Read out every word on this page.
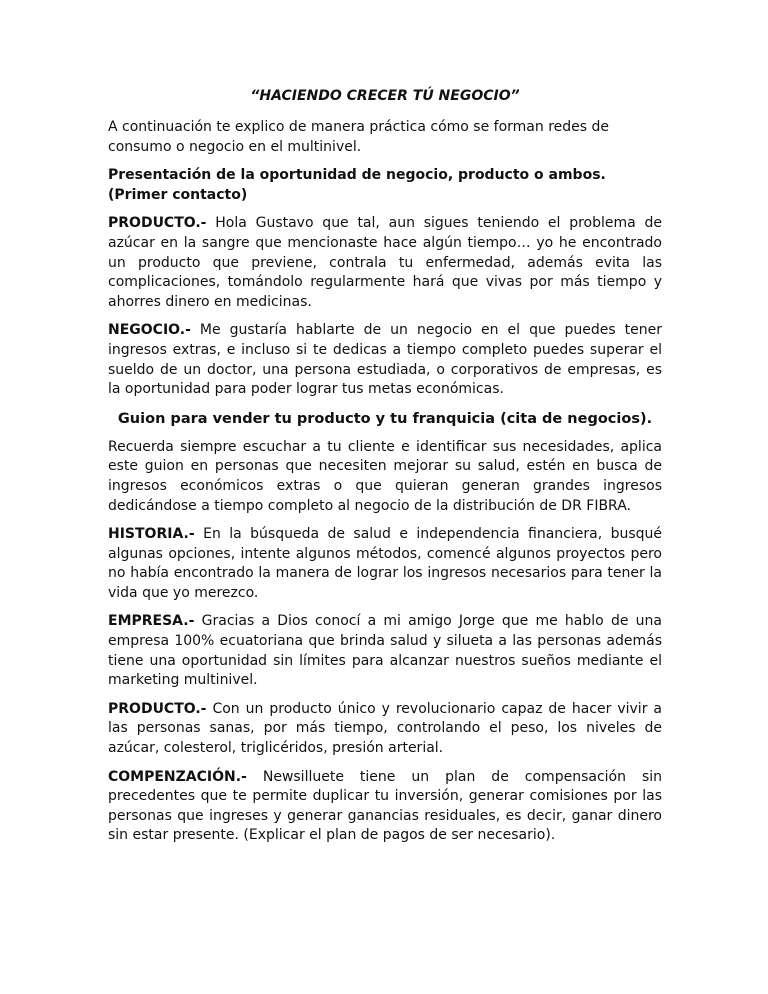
“HACIENDO CRECER TÚ NEGOCIO”

A continuación te explico de manera práctica cómo se forman redes de consumo o negocio en el multinivel.

Presentación de la oportunidad de negocio, producto o ambos. (Primer contacto)

PRODUCTO.- Hola Gustavo que tal, aun sigues teniendo el problema de azúcar en la sangre que mencionaste hace algún tiempo… yo he encontrado un producto que previene, contrala tu enfermedad, además evita las complicaciones, tomándolo regularmente hará que vivas por más tiempo y ahorres dinero en medicinas.

NEGOCIO.- Me gustaría hablarte de un negocio en el que puedes tener ingresos extras, e incluso si te dedicas a tiempo completo puedes superar el sueldo de un doctor, una persona estudiada, o corporativos de empresas, es la oportunidad para poder lograr tus metas económicas.

Guion para vender tu producto y tu franquicia (cita de negocios).

Recuerda siempre escuchar a tu cliente e identificar sus necesidades, aplica este guion en personas que necesiten mejorar su salud, estén en busca de ingresos económicos extras o que quieran generan grandes ingresos dedicándose a tiempo completo al negocio de la distribución de DR FIBRA.

HISTORIA.- En la búsqueda de salud e independencia financiera, busqué algunas opciones, intente algunos métodos, comencé algunos proyectos pero no había encontrado la manera de lograr los ingresos necesarios para tener la vida que yo merezco.

EMPRESA.- Gracias a Dios conocí a mi amigo Jorge que me hablo de una empresa 100% ecuatoriana que brinda salud y silueta a las personas además tiene una oportunidad sin límites para alcanzar nuestros sueños mediante el marketing multinivel.

PRODUCTO.- Con un producto único y revolucionario capaz de hacer vivir a las personas sanas, por más tiempo, controlando el peso, los niveles de azúcar, colesterol, triglicéridos, presión arterial.

COMPENZACIÓN.- Newsilluete tiene un plan de compensación sin precedentes que te permite duplicar tu inversión, generar comisiones por las personas que ingreses y generar ganancias residuales, es decir, ganar dinero sin estar presente. (Explicar el plan de pagos de ser necesario).
